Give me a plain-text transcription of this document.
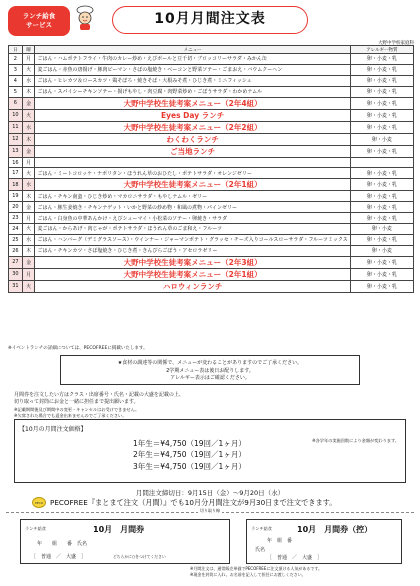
ランチ給食
サービス	10月月間注文表
大野中学校家庭科
日	曜	メニュー	アレルギー物質
2	月	ごはん・ハムポテトフライ・牛肉のカレー炒め・えびボールと豆千切・ブロッコリーサラダ・みかん缶	卵・小麦・乳
3	火	麦ごはん・赤魚の唐揚げ・豚肉ピーマン・さばの塩焼き・ベーコンと野菜ソテー・ごまおえ・バウムクーヘン	卵・小麦・乳
4	水	ごはん・ヒレカツ＆ロースカツ・鶏そぼろ・焼きそば・大根みそ煮・ひじき煮・ミニフィッシュ	卵・小麦・乳
5	木	ごはん・スパイシーチキンソテー・揚げもやし・肉豆腐・肉野菜炒め・ごぼうサラダ・わかめナムル	卵・小麦・乳
6	金	大野中学校生徒考案メニュー（2年4組）	卵・小麦・乳
10	火	Eyes Day ランチ	卵・小麦・乳
11	水	大野中学校生徒考案メニュー（2年2組）	卵・小麦・乳
12	木	わくわくランチ	卵・小麦
13	金	ご当地ランチ	卵・小麦・乳
16	月		
17	火	ごはん・ミートコロッケ・ナポリタン・ほうれん草のおひたし・ポテトサラダ・オレンジゼリー	卵・小麦・乳
18	水	大野中学校生徒考案メニュー（2年1組）	卵・小麦・乳
19	木	ごはん・チキン南蛮・ひじき炒め・マカロニサラダ・もやしナムル・ゼリー	卵・小麦・乳
20	金	ごはん・豚生姜焼き・チキンナゲット・いかと野菜の炒め物・和風の煮物・パインゼリー	卵・小麦・乳
23	月	ごはん・白身魚の中華あんかけ・えびシューマイ・小松菜のソテー・卵焼き・サラダ	卵・小麦・乳
24	火	麦ごはん・からあげ・肉じゃが・ポテトサラダ・ほうれん草のごま和え・フルーツ	卵・小麦
25	水	ごはん・ハンバーグ（デミグラスソース）・ウインナー・ジャーマンポテト・グラッセ・チーズ入りコールスローサラダ・フルーツミックス	卵・小麦・乳
26	木	ごはん・チキンカツ・さば塩焼き・ひじき煮・きんぴらごぼう・アセロラゼリー	卵・小麦
27	金	大野中学校生徒考案メニュー（2年3組）	卵・小麦・乳
30	月	大野中学校生徒考案メニュー（2年1組）	卵・小麦・乳
31	火	ハロウィンランチ	卵・小麦・乳
※イベントランチの詳細については、PECOFREEに掲載いたします。
★食材の調達等の関係で、メニューが変わることがありますのでご了承ください。
2学期メニュー表は後日お配りします。
アレルギー表示はご確認ください。
月間券を注文したい方はクラス・出席番号・氏名・記載の大盛を記載の上、
切り取って封筒にお金と一緒に担任まで提出願います。
※記載期間後及び期間中の変更・キャンセルはお受けできません。
※欠席された場合でも返金出来ませんのでご了承ください。
【10月の月間注文価格】
1年生＝¥4,750（19回／1ヶ月）
2年生＝¥4,750（19回／1ヶ月）
3年生＝¥4,750（19回／1ヶ月）
※各学年の実施回数により金額が変わります。
月間注文締切日：9月15日（金）～9月20日（水）
PECO PECOFREE『まとまて注文（月間）』でも10月分月間注文が9月30日まで注文できます。
切り取り線
ランチ給食	10月　月間券
年　　組　　番　氏名
［　普通　／　大盛　］	どちらかに○をつけてください
ランチ給食	10月　月間券（控）
年　組　番
氏名
［　普通　／　大盛　］
※月間注文は、通常販売単価でPECOFREEに注文頂ける人気があるです。
※現金を封筒に入れ、お名前を記入して担任にお渡しください。
